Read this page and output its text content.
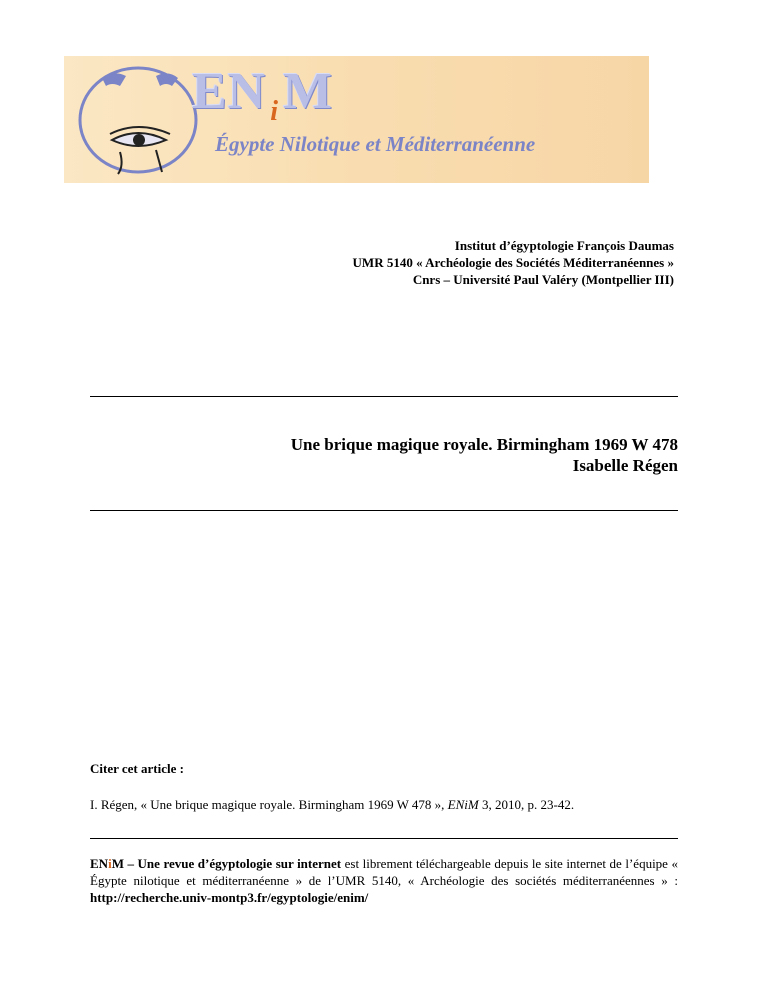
EN $_i$M
Égypte Nilotique et Méditerranéenne
Institut d’égyptologie François Daumas
UMR 5140 « Archéologie des Sociétés Méditerranéennes »
Cnrs – Université Paul Valéry (Montpellier III)
Une brique magique royale. Birmingham 1969 W 478
Isabelle Régen
Citer cet article :
I. Régen, « Une brique magique royale. Birmingham 1969 W 478 », ENiM 3, 2010, p. 23-42.
ENiM – Une revue d’égyptologie sur internet est librement téléchargeable depuis le site internet de l’équipe « Égypte nilotique et méditerranéenne » de l’UMR 5140, « Archéologie des sociétés méditerranéennes » : http://recherche.univ-montp3.fr/egyptologie/enim/
